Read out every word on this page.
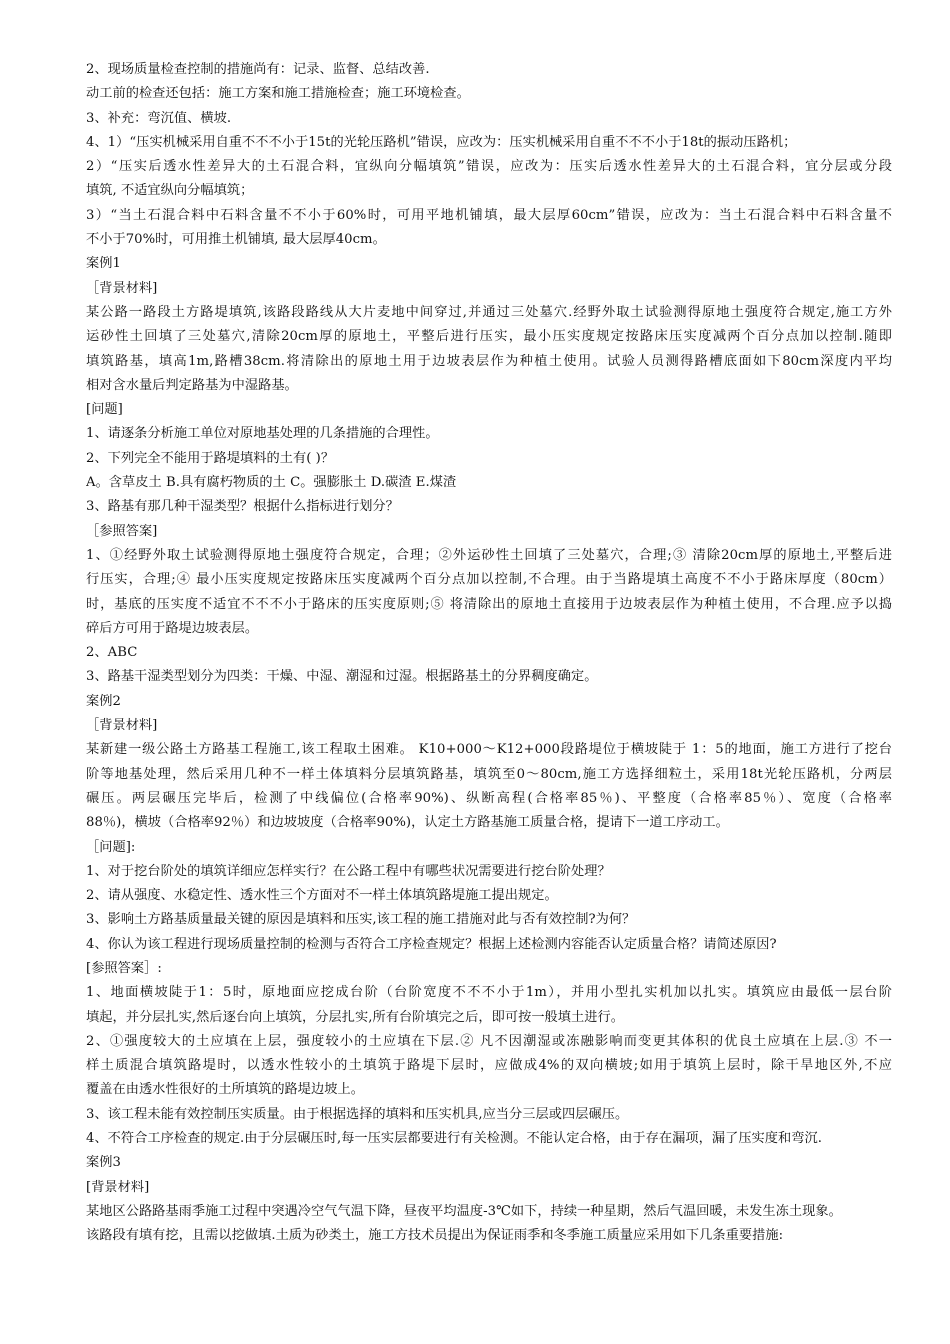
2、现场质量检查控制的措施尚有：记录、监督、总结改善.
动工前的检查还包括：施工方案和施工措施检查；施工环境检查。
3、补充：弯沉值、横坡.
4、1）“压实机械采用自重不不不小于15t的光轮压路机”错误，应改为：压实机械采用自重不不不小于18t的振动压路机；
2）“压实后透水性差异大的土石混合料，宜纵向分幅填筑”错误，应改为：压实后透水性差异大的土石混合料，宜分层或分段
填筑, 不适宜纵向分幅填筑；
3）“当土石混合料中石料含量不不小于60%时，可用平地机铺填，最大层厚60cm”错误，应改为：当土石混合料中石料含量不
不小于70%时，可用推土机铺填, 最大层厚40cm。
案例1
［背景材料]
某公路一路段土方路堤填筑,该路段路线从大片麦地中间穿过,并通过三处墓穴.经野外取土试验测得原地土强度符合规定,施工方外
运砂性土回填了三处墓穴,清除20cm厚的原地土，平整后进行压实，最小压实度规定按路床压实度减两个百分点加以控制.随即
填筑路基，填高1m,路槽38cm.将清除出的原地土用于边坡表层作为种植土使用。试验人员测得路槽底面如下80cm深度内平均
相对含水量后判定路基为中湿路基。
[问题]
1、请逐条分析施工单位对原地基处理的几条措施的合理性。
2、下列完全不能用于路堤填料的土有( )？
A。含草皮土 B.具有腐朽物质的土 C。强膨胀土 D.碳渣 E.煤渣
3、路基有那几种干湿类型？根据什么指标进行划分？
［参照答案]
1、①经野外取土试验测得原地土强度符合规定，合理；②外运砂性土回填了三处墓穴，合理;③ 清除20cm厚的原地土,平整后进
行压实，合理;④ 最小压实度规定按路床压实度减两个百分点加以控制,不合理。由于当路堤填土高度不不小于路床厚度（80cm）
时，基底的压实度不适宜不不不小于路床的压实度原则;⑤ 将清除出的原地土直接用于边坡表层作为种植土使用，不合理.应予以捣
碎后方可用于路堤边坡表层。
2、ABC
3、路基干湿类型划分为四类：干燥、中湿、潮湿和过湿。根据路基土的分界稠度确定。
案例2
［背景材料]
某新建一级公路土方路基工程施工,该工程取土困难。 K10+000～K12+000段路堤位于横坡陡于 1：5的地面，施工方进行了挖台
阶等地基处理，然后采用几种不一样土体填料分层填筑路基，填筑至0～80cm,施工方选择细粒土，采用18t光轮压路机，分两层
碾压。两层碾压完毕后，检测了中线偏位(合格率90%)、纵断高程(合格率85％)、平整度（合格率85％）、宽度（合格率
88％)，横坡（合格率92％）和边坡坡度（合格率90%)，认定土方路基施工质量合格，提请下一道工序动工。
［问题]:
1、对于挖台阶处的填筑详细应怎样实行？在公路工程中有哪些状况需要进行挖台阶处理？
2、请从强度、水稳定性、透水性三个方面对不一样土体填筑路堤施工提出规定。
3、影响土方路基质量最关键的原因是填料和压实,该工程的施工措施对此与否有效控制?为何？
4、你认为该工程进行现场质量控制的检测与否符合工序检查规定？根据上述检测内容能否认定质量合格？请简述原因?
[参照答案］:
1、地面横坡陡于1：5时，原地面应挖成台阶（台阶宽度不不不小于1m），并用小型扎实机加以扎实。填筑应由最低一层台阶
填起，并分层扎实,然后逐台向上填筑，分层扎实,所有台阶填完之后，即可按一般填土进行。
2、①强度较大的土应填在上层，强度较小的土应填在下层.② 凡不因潮湿或冻融影响而变更其体积的优良土应填在上层.③ 不一
样土质混合填筑路堤时，以透水性较小的土填筑于路堤下层时，应做成4%的双向横坡;如用于填筑上层时，除干旱地区外,不应
覆盖在由透水性很好的土所填筑的路堤边坡上。
3、该工程未能有效控制压实质量。由于根据选择的填料和压实机具,应当分三层或四层碾压。
4、不符合工序检查的规定.由于分层碾压时,每一压实层都要进行有关检测。不能认定合格，由于存在漏项，漏了压实度和弯沉.
案例3
[背景材料]
某地区公路路基雨季施工过程中突遇冷空气气温下降，昼夜平均温度-3℃如下，持续一种星期，然后气温回暖，未发生冻土现象。
该路段有填有挖，且需以挖做填.土质为砂类土，施工方技术员提出为保证雨季和冬季施工质量应采用如下几条重要措施:
